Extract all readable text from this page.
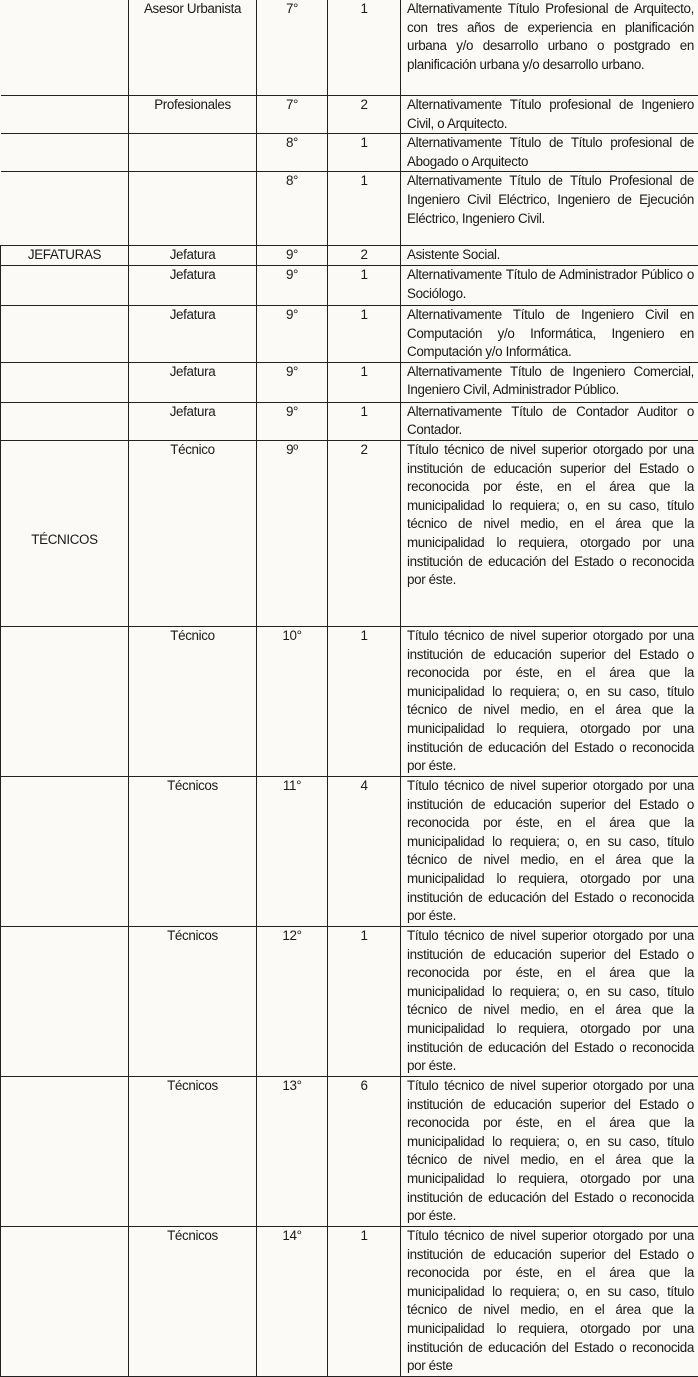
	Asesor Urbanista	7°	1	Alternativamente Título Profesional de Arquitecto, con tres años de experiencia en planificación urbana y/o desarrollo urbano o postgrado en planificación urbana y/o desarrollo urbano.
	Profesionales	7°	2	Alternativamente Título profesional de Ingeniero Civil, o Arquitecto.
		8°	1	Alternativamente Título de Título profesional de Abogado o Arquitecto
		8°	1	Alternativamente Título de Título Profesional de Ingeniero Civil Eléctrico, Ingeniero de Ejecución Eléctrico, Ingeniero Civil.
JEFATURAS	Jefatura	9°	2	Asistente Social.
	Jefatura	9°	1	Alternativamente Título de Administrador Público o Sociólogo.
	Jefatura	9°	1	Alternativamente Título de Ingeniero Civil en Computación y/o Informática, Ingeniero en Computación y/o Informática.
	Jefatura	9°	1	Alternativamente Título de Ingeniero Comercial, Ingeniero Civil, Administrador Público.
	Jefatura	9°	1	Alternativamente Título de Contador Auditor o Contador.

TÉCNICOS	Técnico	9º	2	Título técnico de nivel superior otorgado por una institución de educación superior del Estado o reconocida por éste, en el área que la municipalidad lo requiera; o, en su caso, título técnico de nivel medio, en el área que la municipalidad lo requiera, otorgado por una institución de educación del Estado o reconocida por éste.
	Técnico	10°	1	Título técnico de nivel superior otorgado por una institución de educación superior del Estado o reconocida por éste, en el área que la municipalidad lo requiera; o, en su caso, título técnico de nivel medio, en el área que la municipalidad lo requiera, otorgado por una institución de educación del Estado o reconocida por éste.
	Técnicos	11°	4	Título técnico de nivel superior otorgado por una institución de educación superior del Estado o reconocida por éste, en el área que la municipalidad lo requiera; o, en su caso, título técnico de nivel medio, en el área que la municipalidad lo requiera, otorgado por una institución de educación del Estado o reconocida por éste.
	Técnicos	12°	1	Título técnico de nivel superior otorgado por una institución de educación superior del Estado o reconocida por éste, en el área que la municipalidad lo requiera; o, en su caso, título técnico de nivel medio, en el área que la municipalidad lo requiera, otorgado por una institución de educación del Estado o reconocida por éste.
	Técnicos	13°	6	Título técnico de nivel superior otorgado por una institución de educación superior del Estado o reconocida por éste, en el área que la municipalidad lo requiera; o, en su caso, título técnico de nivel medio, en el área que la municipalidad lo requiera, otorgado por una institución de educación del Estado o reconocida por éste.
	Técnicos	14°	1	Título técnico de nivel superior otorgado por una institución de educación superior del Estado o reconocida por éste, en el área que la municipalidad lo requiera; o, en su caso, título técnico de nivel medio, en el área que la municipalidad lo requiera, otorgado por una institución de educación del Estado o reconocida por éste
